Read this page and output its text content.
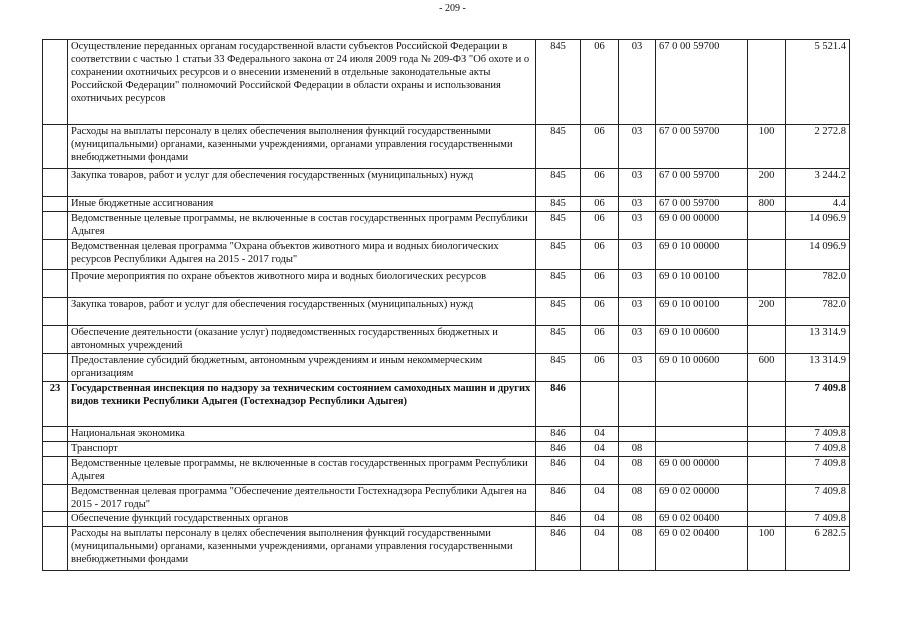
- 209 -
	Осуществление переданных органам государственной власти субъектов Российской Федерации в соответствии с частью 1 статьи 33 Федерального закона от 24 июля 2009 года № 209-ФЗ "Об охоте и о сохранении охотничьих ресурсов и о внесении изменений в отдельные законодательные акты Российской Федерации" полномочий Российской Федерации в области охраны и использования охотничьих ресурсов	845	06	03	67 0 00 59700		5 521.4
	Расходы на выплаты персоналу в целях обеспечения выполнения функций государственными (муниципальными) органами, казенными учреждениями, органами управления государственными внебюджетными фондами	845	06	03	67 0 00 59700	100	2 272.8
	Закупка товаров, работ и услуг для обеспечения государственных (муниципальных) нужд	845	06	03	67 0 00 59700	200	3 244.2
	Иные бюджетные ассигнования	845	06	03	67 0 00 59700	800	4.4
	Ведомственные целевые программы, не включенные в состав государственных программ Республики Адыгея	845	06	03	69 0 00 00000		14 096.9
	Ведомственная целевая программа "Охрана объектов животного мира и водных биологических ресурсов Республики Адыгея на 2015 - 2017 годы"	845	06	03	69 0 10 00000		14 096.9
	Прочие мероприятия по охране объектов животного мира и водных биологических ресурсов	845	06	03	69 0 10 00100		782.0
	Закупка товаров, работ и услуг для обеспечения государственных (муниципальных) нужд	845	06	03	69 0 10 00100	200	782.0
	Обеспечение деятельности (оказание услуг) подведомственных государственных бюджетных и автономных учреждений	845	06	03	69 0 10 00600		13 314.9
	Предоставление субсидий бюджетным, автономным учреждениям и иным некоммерческим организациям	845	06	03	69 0 10 00600	600	13 314.9
23	Государственная инспекция по надзору за техническим состоянием самоходных машин и других видов техники Республики Адыгея (Гостехнадзор Республики Адыгея)	846					7 409.8
	Национальная экономика	846	04				7 409.8
	Транспорт	846	04	08			7 409.8
	Ведомственные целевые программы, не включенные в состав государственных программ Республики Адыгея	846	04	08	69 0 00 00000		7 409.8
	Ведомственная целевая программа "Обеспечение деятельности Гостехнадзора Республики Адыгея на 2015 - 2017 годы"	846	04	08	69 0 02 00000		7 409.8
	Обеспечение функций государственных органов	846	04	08	69 0 02 00400		7 409.8
	Расходы на выплаты персоналу в целях обеспечения выполнения функций государственными (муниципальными) органами, казенными учреждениями, органами управления государственными внебюджетными фондами	846	04	08	69 0 02 00400	100	6 282.5
